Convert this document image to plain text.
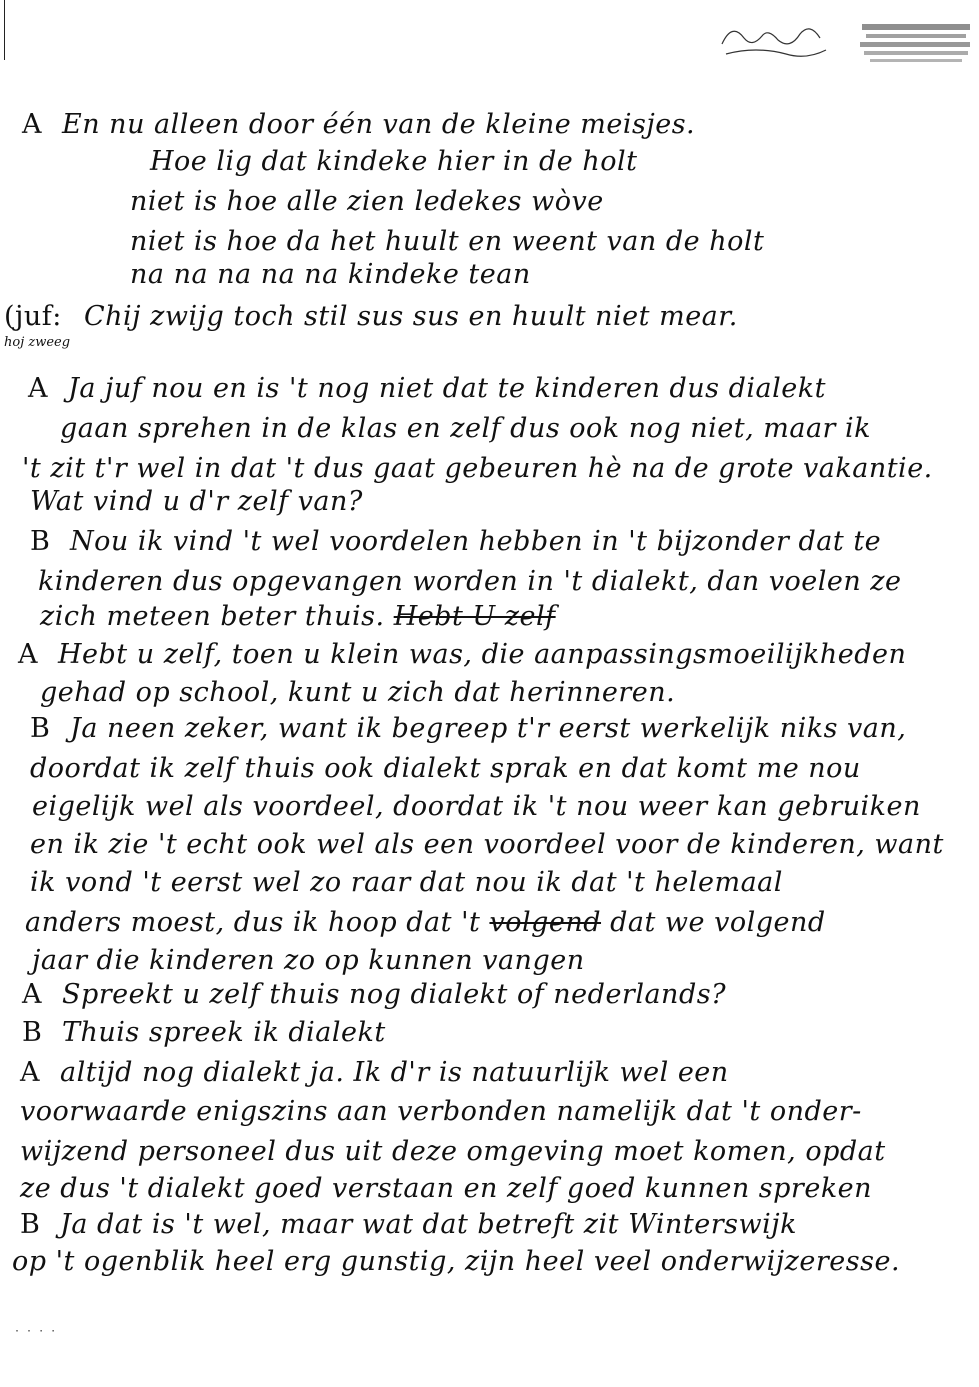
A En nu alleen door één van de kleine meisjes.
Hoe lig dat kindeke hier in de holt
niet is hoe alle zien ledekes wòve
niet is hoe da het huult en weent van de holt
na na na na na kindeke tean
(juf: Chij zwijg toch stil sus sus en huult niet mear.
A Ja juf nou en is 't nog niet dat te kinderen dus dialekt
gaan sprehen in de klas en zelf dus ook nog niet, maar ik
't zit t'r wel in dat 't dus gaat gebeuren hè na de grote vakantie.
Wat vind u d'r zelf van?
B Nou ik vind 't wel voordelen hebben in 't bijzonder dat te
kinderen dus opgevangen worden in 't dialekt, dan voelen ze
zich meteen beter thuis. Hebt U zelf
A Hebt u zelf, toen u klein was, die aanpassingsmoeilijkheden
gehad op school, kunt u zich dat herinneren.
B Ja neen zeker, want ik begreep t'r eerst werkelijk niks van,
doordat ik zelf thuis ook dialekt sprak en dat komt me nou
eigelijk wel als voordeel, doordat ik 't nou weer kan gebruiken
en ik zie 't echt ook wel als een voordeel voor de kinderen, want
ik vond 't eerst wel zo raar dat nou ik dat 't helemaal
anders moest, dus ik hoop dat 't volgend dat we volgend
jaar die kinderen zo op kunnen vangen
A Spreekt u zelf thuis nog dialekt of nederlands?
B Thuis spreek ik dialekt
A altijd nog dialekt ja. Ik d'r is natuurlijk wel een
voorwaarde enigszins aan verbonden namelijk dat 't onder-
wijzend personeel dus uit deze omgeving moet komen, opdat
ze dus 't dialekt goed verstaan en zelf goed kunnen spreken
B Ja dat is 't wel, maar wat dat betreft zit Winterswijk
op 't ogenblik heel erg gunstig, zijn heel veel onderwijzeresse.
hoj zweeg
· · · ·
